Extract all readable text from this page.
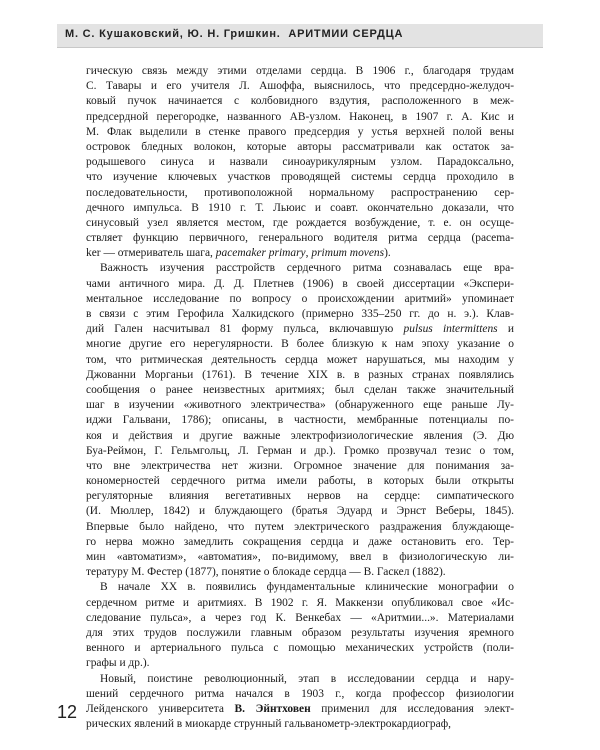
М. С. Кушаковский, Ю. Н. Гришкин. АРИТМИИ СЕРДЦА
гическую связь между этими отделами сердца. В 1906 г., благодаря трудам
С. Тавары и его учителя Л. Ашоффа, выяснилось, что предсердно-желудоч-
ковый пучок начинается с колбовидного вздутия, расположенного в меж-
предсердной перегородке, названного АВ-узлом. Наконец, в 1907 г. А. Кис и
М. Флак выделили в стенке правого предсердия у устья верхней полой вены
островок бледных волокон, которые авторы рассматривали как остаток за-
родышевого синуса и назвали синоаурикулярным узлом. Парадоксально,
что изучение ключевых участков проводящей системы сердца проходило в
последовательности, противоположной нормальному распространению сер-
дечного импульса. В 1910 г. Т. Льюис и соавт. окончательно доказали, что
синусовый узел является местом, где рождается возбуждение, т. е. он осуще-
ствляет функцию первичного, генерального водителя ритма сердца (pacema-
ker — отмериватель шага, pacemaker primary , primum movens ).
Важность изучения расстройств сердечного ритма сознавалась еще вра-
чами античного мира. Д. Д. Плетнев (1906) в своей диссертации «Экспери-
ментальное исследование по вопросу о происхождении аритмий» упоминает
в связи с этим Герофила Халкидского (примерно 335–250 гг. до н. э.). Клав-
дий Гален насчитывал 81 форму пульса, включавшую pulsus intermittens и
многие другие его нерегулярности. В более близкую к нам эпоху указание о
том, что ритмическая деятельность сердца может нарушаться, мы находим у
Джованни Морганьи (1761). В течение XIX в. в разных странах появлялись
сообщения о ранее неизвестных аритмиях; был сделан также значительный
шаг в изучении «животного электричества» (обнаруженного еще раньше Лу-
иджи Гальвани, 1786); описаны, в частности, мембранные потенциалы по-
коя и действия и другие важные электрофизиологические явления (Э. Дю
Буа-Реймон, Г. Гельмгольц, Л. Герман и др.). Громко прозвучал тезис о том,
что вне электричества нет жизни. Огромное значение для понимания за-
кономерностей сердечного ритма имели работы, в которых были открыты
регуляторные влияния вегетативных нервов на сердце: симпатического
(И. Мюллер, 1842) и блуждающего (братья Эдуард и Эрнст Веберы, 1845).
Впервые было найдено, что путем электрического раздражения блуждающе-
го нерва можно замедлить сокращения сердца и даже остановить его. Тер-
мин «автоматизм», «автоматия», по-видимому, ввел в физиологическую ли-
тературу М. Фестер (1877), понятие о блокаде сердца — В. Гаскел (1882).
В начале XX в. появились фундаментальные клинические монографии о
сердечном ритме и аритмиях. В 1902 г. Я. Маккензи опубликовал свое «Ис-
следование пульса», а через год К. Венкебах — «Аритмии...». Материалами
для этих трудов послужили главным образом результаты изучения яремного
венного и артериального пульса с помощью механических устройств (поли-
графы и др.).
Новый, поистине революционный, этап в исследовании сердца и нару-
шений сердечного ритма начался в 1903 г., когда профессор физиологии
Лейденского университета В. Эйнтховен применил для исследования элект-
рических явлений в миокарде струнный гальванометр-электрокардиограф,
12
